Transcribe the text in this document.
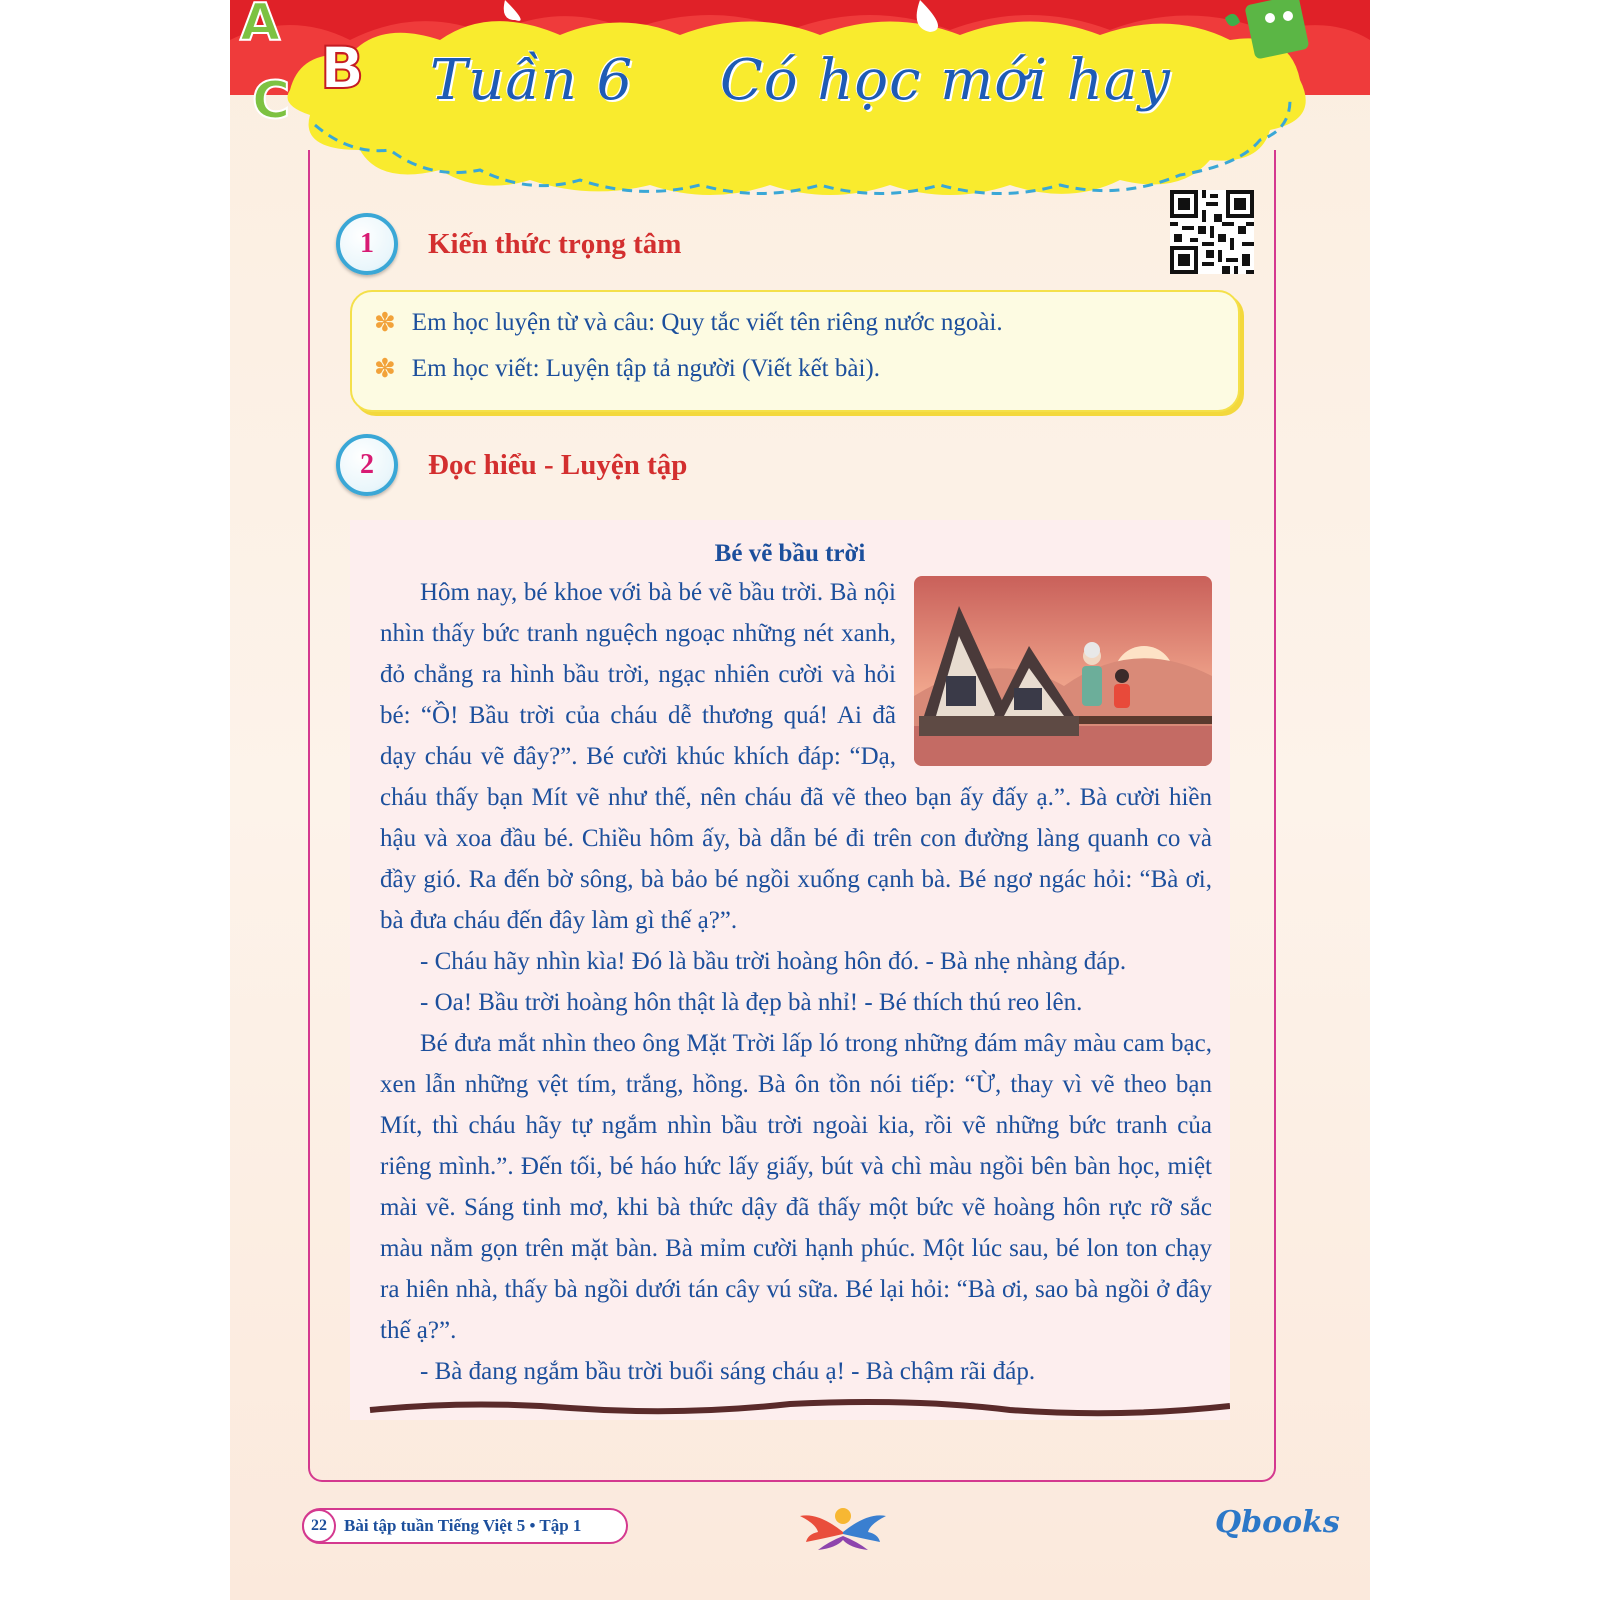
A
B
C Tuần 6 Có học mới hay
1	Kiến thức trọng tâm
✽ Em học luyện từ và câu: Quy tắc viết tên riêng nước ngoài.
✽ Em học viết: Luyện tập tả người (Viết kết bài).
2	Đọc hiểu - Luyện tập
Bé vẽ bầu trời

Hôm nay, bé khoe với bà bé vẽ bầu trời. Bà nội nhìn thấy bức tranh nguệch ngoạc những nét xanh, đỏ chẳng ra hình bầu trời, ngạc nhiên cười và hỏi bé: “Ồ! Bầu trời của cháu dễ thương quá! Ai đã dạy cháu vẽ đây?”. Bé cười khúc khích đáp: “Dạ, cháu thấy bạn Mít vẽ như thế, nên cháu đã vẽ theo bạn ấy đấy ạ.”. Bà cười hiền hậu và xoa đầu bé. Chiều hôm ấy, bà dẫn bé đi trên con đường làng quanh co và đầy gió. Ra đến bờ sông, bà bảo bé ngồi xuống cạnh bà. Bé ngơ ngác hỏi: “Bà ơi, bà đưa cháu đến đây làm gì thế ạ?”.

- Cháu hãy nhìn kìa! Đó là bầu trời hoàng hôn đó. - Bà nhẹ nhàng đáp.

- Oa! Bầu trời hoàng hôn thật là đẹp bà nhỉ! - Bé thích thú reo lên.

Bé đưa mắt nhìn theo ông Mặt Trời lấp ló trong những đám mây màu cam bạc, xen lẫn những vệt tím, trắng, hồng. Bà ôn tồn nói tiếp: “Ừ, thay vì vẽ theo bạn Mít, thì cháu hãy tự ngắm nhìn bầu trời ngoài kia, rồi vẽ những bức tranh của riêng mình.”. Đến tối, bé háo hức lấy giấy, bút và chì màu ngồi bên bàn học, miệt mài vẽ. Sáng tinh mơ, khi bà thức dậy đã thấy một bức vẽ hoàng hôn rực rỡ sắc màu nằm gọn trên mặt bàn. Bà mỉm cười hạnh phúc. Một lúc sau, bé lon ton chạy ra hiên nhà, thấy bà ngồi dưới tán cây vú sữa. Bé lại hỏi: “Bà ơi, sao bà ngồi ở đây thế ạ?”.

- Bà đang ngắm bầu trời buổi sáng cháu ạ! - Bà chậm rãi đáp.

22	Bài tập tuần Tiếng Việt 5 • Tập 1	Qbooks
